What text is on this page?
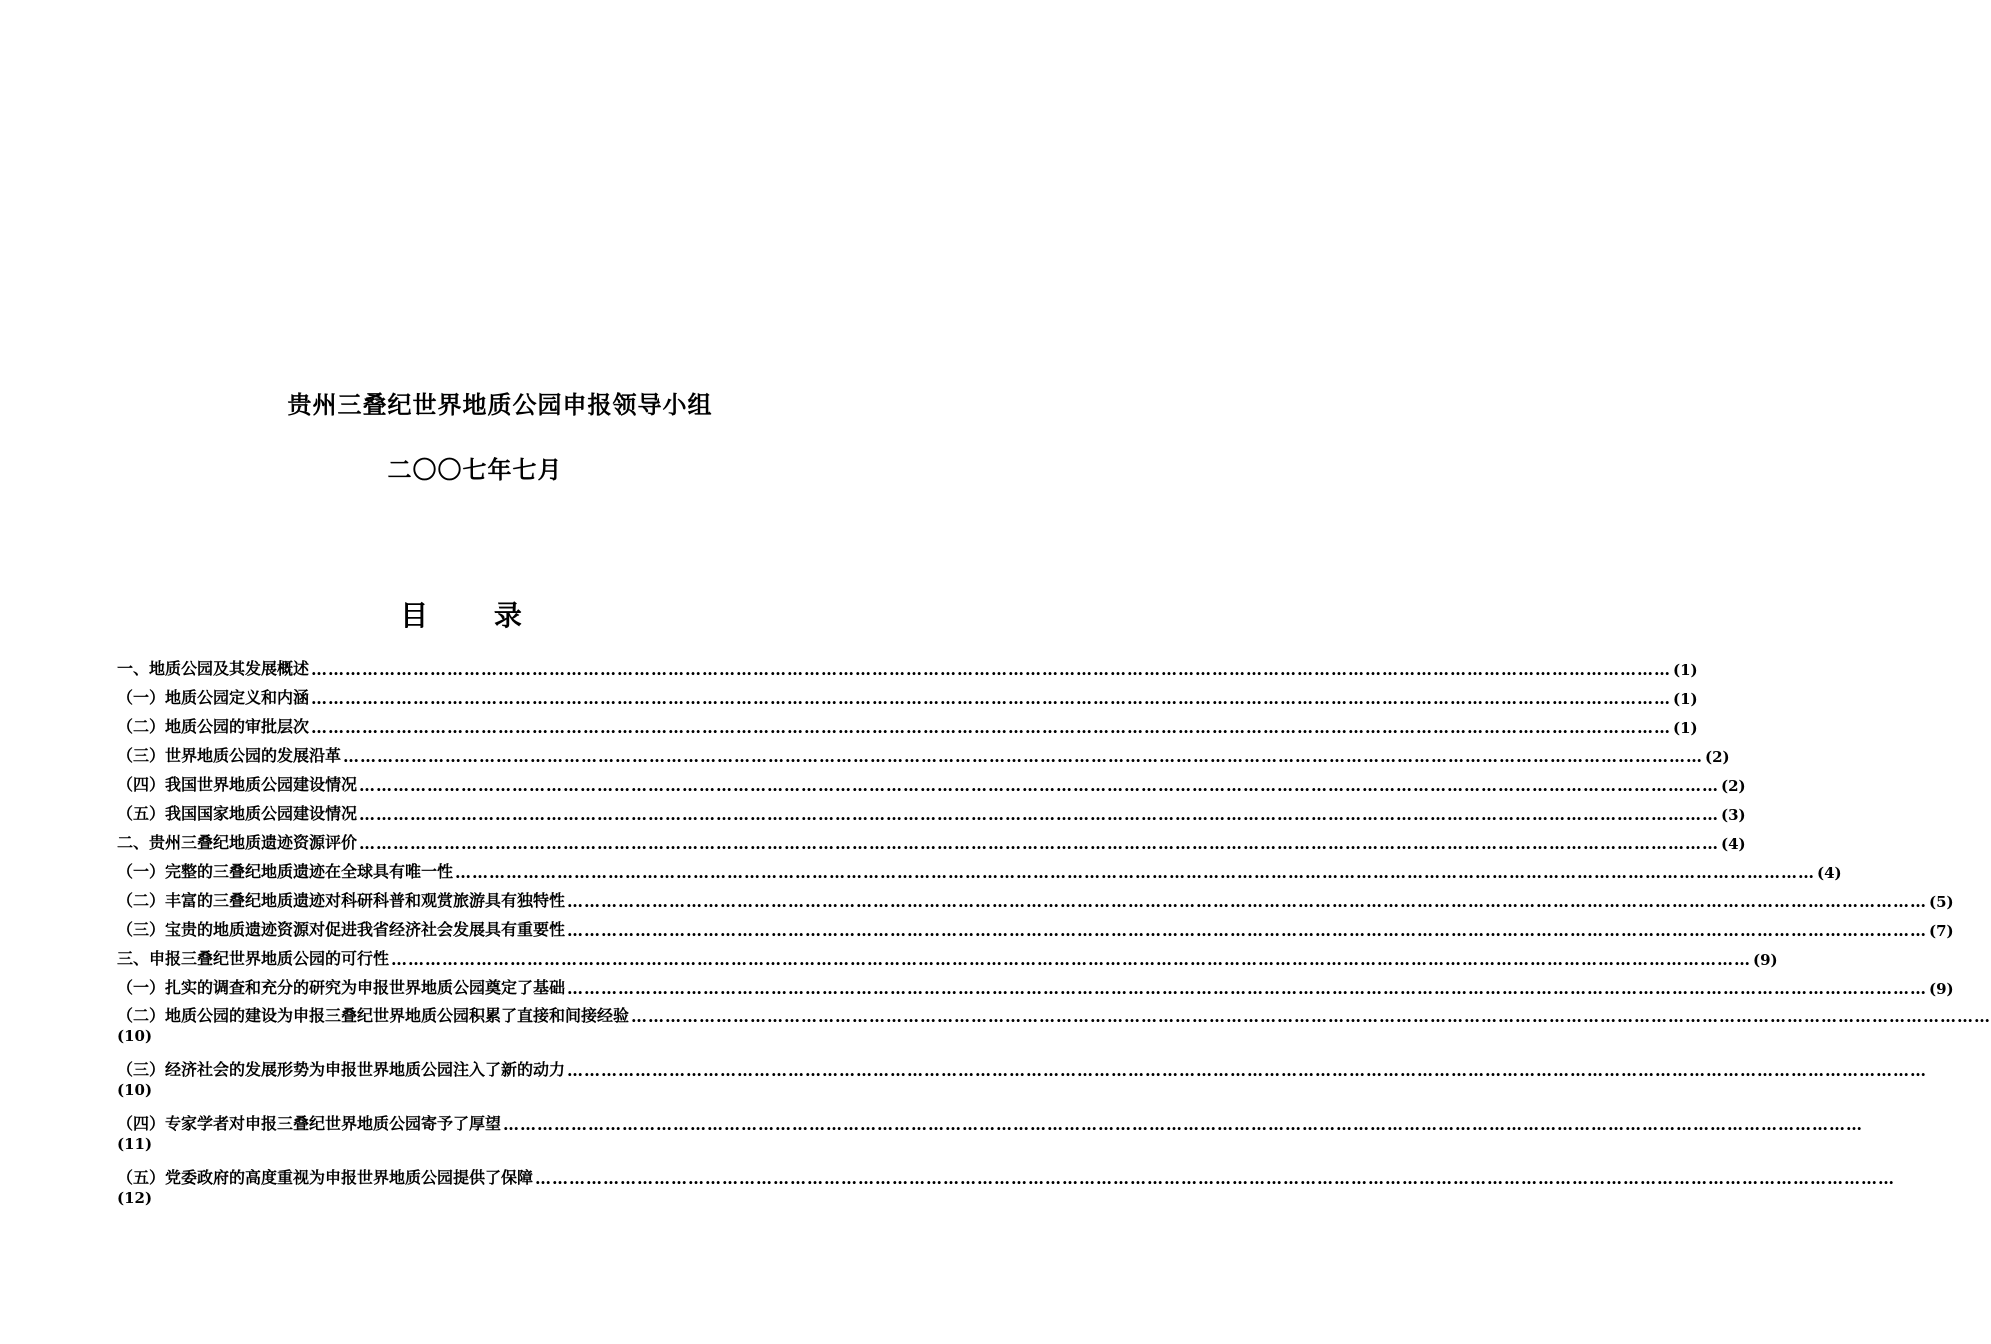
贵州三叠纪世界地质公园申报领导小组
二〇〇七年七月
目 录
一、地质公园及其发展概述 …………………………………………………………………………………………………………………………………………………………………………………………………………………… (1)
（一）地质公园定义和内涵 …………………………………………………………………………………………………………………………………………………………………………………………………………………… (1)
（二）地质公园的审批层次 …………………………………………………………………………………………………………………………………………………………………………………………………………………… (1)
（三）世界地质公园的发展沿革 …………………………………………………………………………………………………………………………………………………………………………………………………………………… (2)
（四）我国世界地质公园建设情况 …………………………………………………………………………………………………………………………………………………………………………………………………………………… (2)
（五）我国国家地质公园建设情况 …………………………………………………………………………………………………………………………………………………………………………………………………………………… (3)
二、贵州三叠纪地质遗迹资源评价 …………………………………………………………………………………………………………………………………………………………………………………………………………………… (4)
（一）完整的三叠纪地质遗迹在全球具有唯一性 …………………………………………………………………………………………………………………………………………………………………………………………………………………… (4)
（二）丰富的三叠纪地质遗迹对科研科普和观赏旅游具有独特性 …………………………………………………………………………………………………………………………………………………………………………………………………………………… (5)
（三）宝贵的地质遗迹资源对促进我省经济社会发展具有重要性 …………………………………………………………………………………………………………………………………………………………………………………………………………………… (7)
三、申报三叠纪世界地质公园的可行性 …………………………………………………………………………………………………………………………………………………………………………………………………………………… (9)
（一）扎实的调查和充分的研究为申报世界地质公园奠定了基础 …………………………………………………………………………………………………………………………………………………………………………………………………………………… (9)
（二）地质公园的建设为申报三叠纪世界地质公园积累了直接和间接经验 ……………………………………………………………………………………………………………………………………………………………………………………………………………………
(10)
（三）经济社会的发展形势为申报世界地质公园注入了新的动力 ……………………………………………………………………………………………………………………………………………………………………………………………………………………
(10)
（四）专家学者对申报三叠纪世界地质公园寄予了厚望 ……………………………………………………………………………………………………………………………………………………………………………………………………………………
(11)
（五）党委政府的高度重视为申报世界地质公园提供了保障 ……………………………………………………………………………………………………………………………………………………………………………………………………………………
(12)
